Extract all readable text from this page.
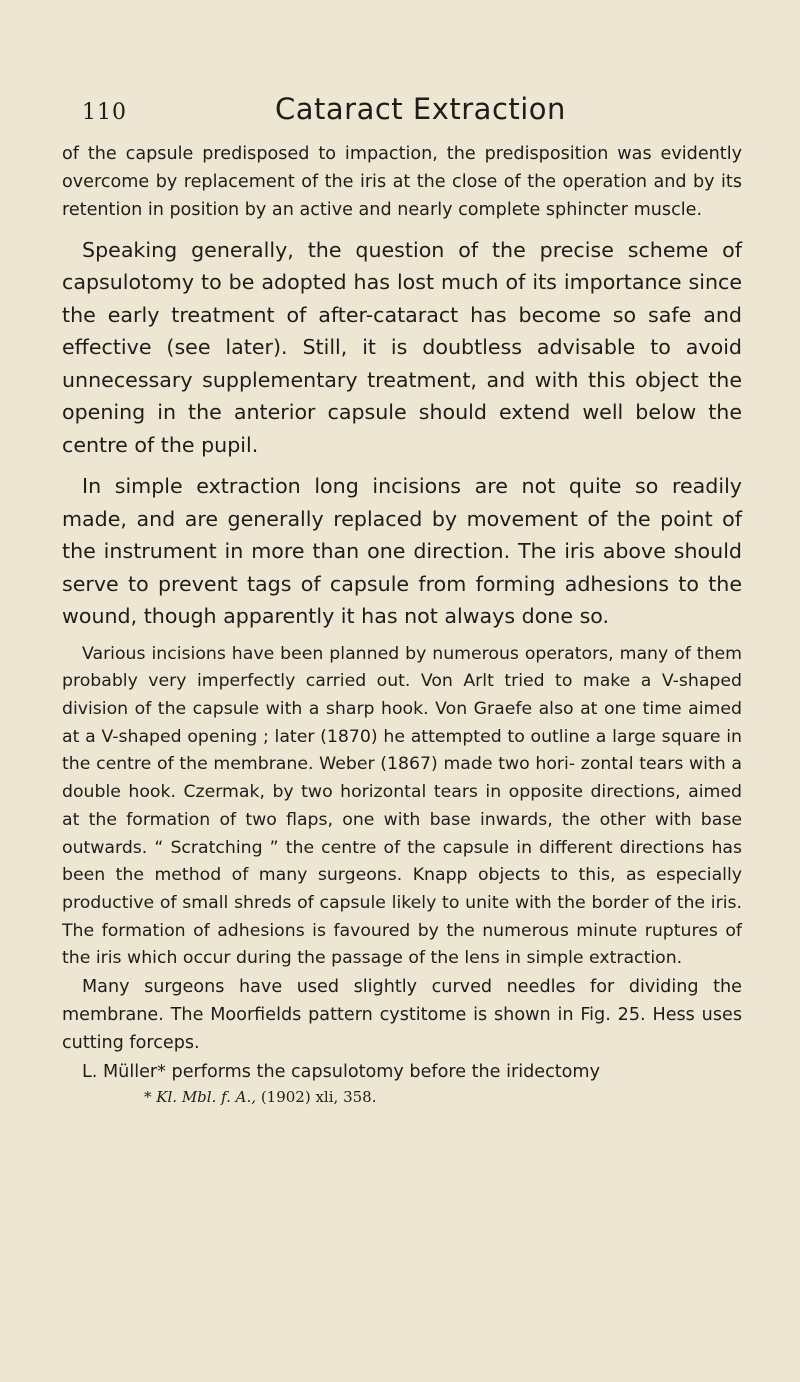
110	Cataract Extraction

of the capsule predisposed to impaction, the predisposition was evidently overcome by replacement of the iris at the close of the operation and by its retention in position by an active and nearly complete sphincter muscle.

Speaking generally, the question of the precise scheme of capsulotomy to be adopted has lost much of its importance since the early treatment of after-cataract has become so safe and effective (see later). Still, it is doubtless advisable to avoid unnecessary supplementary treatment, and with this object the opening in the anterior capsule should extend well below the centre of the pupil.

In simple extraction long incisions are not quite so readily made, and are generally replaced by movement of the point of the instrument in more than one direction. The iris above should serve to prevent tags of capsule from forming adhesions to the wound, though apparently it has not always done so.

Various incisions have been planned by numerous operators, many of them probably very imperfectly carried out. Von Arlt tried to make a V-shaped division of the capsule with a sharp hook. Von Graefe also at one time aimed at a V-shaped opening ; later (1870) he attempted to outline a large square in the centre of the membrane. Weber (1867) made two hori- zontal tears with a double hook. Czermak, by two horizontal tears in opposite directions, aimed at the formation of two flaps, one with base inwards, the other with base outwards. “ Scratching ” the centre of the capsule in different directions has been the method of many surgeons. Knapp objects to this, as especially productive of small shreds of capsule likely to unite with the border of the iris. The formation of adhesions is favoured by the numerous minute ruptures of the iris which occur during the passage of the lens in simple extraction.

Many surgeons have used slightly curved needles for dividing the membrane. The Moorfields pattern cystitome is shown in Fig. 25. Hess uses cutting forceps.

L. Müller* performs the capsulotomy before the iridectomy

* Kl. Mbl. f. A., (1902) xli, 358.
